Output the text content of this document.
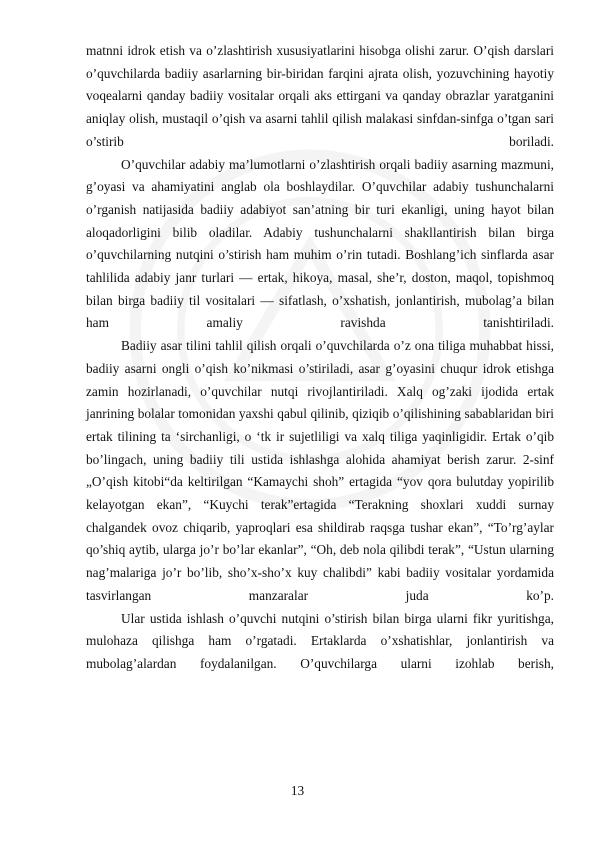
matnni idrok etish va o’zlashtirish xususiyatlarini hisobga olishi zarur. O’qish darslari o’quvchilarda badiiy asarlarning bir-biridan farqini ajrata olish, yozuvchining hayotiy voqealarni qanday badiiy vositalar orqali aks ettirgani va qanday obrazlar yaratganini aniqlay olish, mustaqil o’qish va asarni tahlil qilish malakasi sinfdan-sinfga o’tgan sari o’stirib boriladi.

O’quvchilar adabiy ma’lumotlarni o’zlashtirish orqali badiiy asarning mazmuni, g’oyasi va ahamiyatini anglab ola boshlaydilar. O’quvchilar adabiy tushunchalarni o’rganish natijasida badiiy adabiyot san’atning bir turi ekanligi, uning hayot bilan aloqadorligini bilib oladilar. Adabiy tushunchalarni shakllantirish bilan birga o’quvchilarning nutqini o’stirish ham muhim o’rin tutadi. Boshlang’ich sinflarda asar tahlilida adabiy janr turlari — ertak, hikoya, masal, she’r, doston, maqol, topishmoq bilan birga badiiy til vositalari — sifatlash, o’xshatish, jonlantirish, mubolag’a bilan ham amaliy ravishda tanishtiriladi.

Badiiy asar tilini tahlil qilish orqali o’quvchilarda o’z ona tiliga muhabbat hissi, badiiy asarni ongli o’qish ko’nikmasi o’stiriladi, asar g’oyasini chuqur idrok etishga zamin hozirlanadi, o’quvchilar nutqi rivojlantiriladi. Xalq og’zaki ijodida ertak janrining bolalar tomonidan yaxshi qabul qilinib, qiziqib o’qilishining sabablaridan biri ertak tilining ta ‘sirchanligi, o ‘tk ir sujetliligi va xalq tiliga yaqinligidir. Ertak o’qib bo’lingach, uning badiiy tili ustida ishlashga alohida ahamiyat berish zarur. 2-sinf „O’qish kitobi“da keltirilgan “Kamaychi shoh” ertagida “yov qora bulutday yopirilib kelayotgan ekan”, “Kuychi terak”ertagida “Terakning shoxlari xuddi surnay chalgandek ovoz chiqarib, yaproqlari esa shildirab raqsga tushar ekan”, “To’rg’aylar qo’shiq aytib, ularga jo’r bo’lar ekanlar”, “Oh, deb nola qilibdi terak”, “Ustun ularning nag’malariga jo’r bo’lib, sho’x-sho’x kuy chalibdi” kabi badiiy vositalar yordamida tasvirlangan manzaralar juda ko’p.

Ular ustida ishlash o’quvchi nutqini o’stirish bilan birga ularni fikr yuritishga, mulohaza qilishga ham o’rgatadi. Ertaklarda o’xshatishlar, jonlantirish va mubolag’alardan foydalanilgan. O’quvchilarga ularni izohlab berish,

13
